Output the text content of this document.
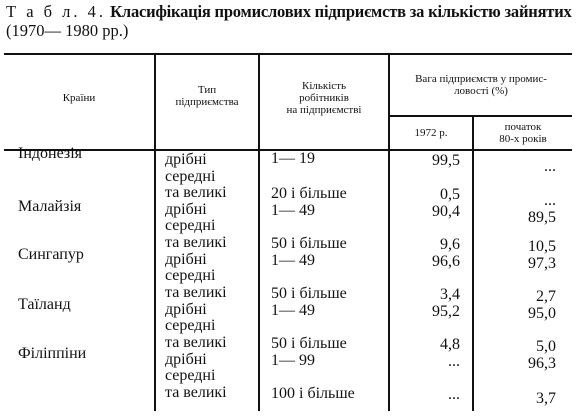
Т а б л. 4. Класифікація промислових підприємств за кількістю зайнятих
(1970— 1980 рр.)
Країни
Тип
підприємства
Кількість
робітників
на підприємстві
Вага підприємств у промис-
ловості (%)
1972 р.	початок
80-х років
Індонезія
Малайзія
Сингапур
Таїланд
Філіппіни
дрібні
середні
та великі
дрібні
середні
та великі
дрібні
середні
та великі
дрібні
середні
та великі
дрібні
середні
та великі
1— 19
20 і більше
1— 49
50 і більше
1— 49
50 і більше
1— 49
50 і більше
1— 99
100 і більше
99,5
0,5
90,4
9,6
96,6
3,4
95,2
4,8
...
...
...
...
89,5
10,5
97,3
2,7
95,0
5,0
96,3
3,7
